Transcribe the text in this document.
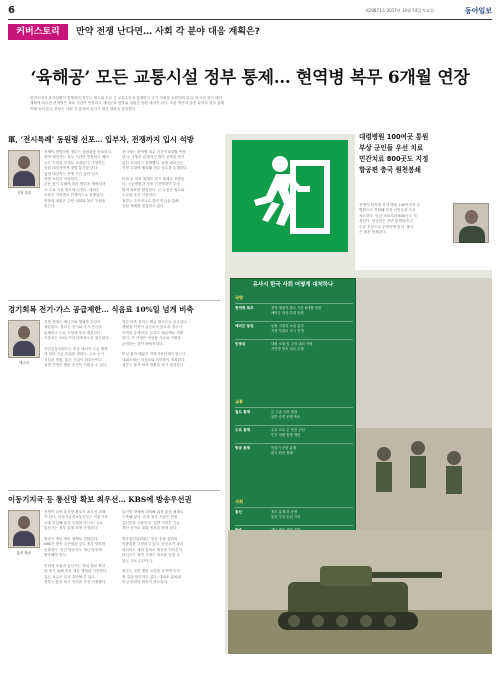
6	제29871호 2017년 10월 14일 토요일	동아일보
커버스토리	만약 전쟁 난다면… 사회 각 분야 대응 계획은?
‘육해공’ 모든 교통시설 정부 통제… 현역병 복무 6개월 연장
한반도에서 유사상황이 발생하면 정부는 철도와 도로 등 교통수단을 통제하고 국가 자원을 동원하게 된다. 당국의 전시 대비
계획에 따르면 현역병은 복무 기간이 연장되고 예비군과 민방위 대원은 동원 대상이 된다. 또한 방송과 통신 분야도 정부 통제
아래 들어간다. 본보는 사회 각 분야의 유사시 대응 계획을 점검했다.
대령병원 100여곳 통원
부상 군인들 우선 치료
민간치료 800곳도 지정
항공편 충국 원천봉쇄
전쟁이 터지면 국가 병원 100여곳이 군
병원으로 전환돼 부상 군인들을 우선
치료한다. 민간 의료기관 800곳도 지
정된다. 항공편은 전면 통제되며 군
수송 우선으로 운항하게 된다. 출국
은 원천 봉쇄된다.
유사시 한국 사회 어떻게 대처하나
국방
현역병 복무	전역 예정자 복무 기간 6개월 연장
예비군 대상 부대 동원
예비군 동원	동원 지정자 소집 통지
지정 부대로 즉시 전개
민방위	대원 소집 및 주민 대피 지원
지역별 방호 임무 수행
교통
철도 통제	군 수송 우선 편성
일반 승객 운행 축소
도로 통제	주요 도로 군 작전 우선
민간 차량 통행 제한
항공 통제	민항기 운항 통제
출국 원천 봉쇄
사회
통신	정부 통제 하 운영
통신 우선 순위 지정
軍, ‘전시특례’ 동원령 선포… 입부자, 전쟁까지 입시 석방
지창 중위
전쟁이 발발하면 정부는 동원령을 선포한다.
전역 예정자는 복무 기간이 연장되고 예비
군은 지정된 부대로 소집된다. 국방부는
동원 대상자에게 개별 통지를 한다.
입영 대상자는 전쟁 기간 동안 입시
석방 조치가 적용된다.
군은 전시 특례에 따라 병력을 재배치하
고 주요 시설 방호에 나선다. 예비군
동원은 지역별로 단계적으로 진행된다.
민방위 대원은 주민 대피와 복구 지원을
맡는다.
전시에는 현역병 복무 기간이 6개월 연장
된다. 국방부 관계자는 병력 공백을 막기
위한 조치라고 설명했다. 동원 예비군은
지정 부대에 배치돼 전투 임무를 수행한다.
또한 군 의료 체계도 전시 체제로 전환된
다. 국군병원과 지정 민간병원이 부상
병력 치료를 담당한다. 군 수송은 철도와
도로를 우선 사용한다.
정부는 주기적으로 을지 연습을 통해
동원 체계를 점검하고 있다.
경기회복 전기·가스 공급제한… 식음료 10%일 넘게 비축
에너지
전쟁 중에는 에너지와 생필품 공급이
제한된다. 정부는 전기와 가스 공급을
통제하고 주요 시설에 우선 배분한다.
식음료는 10일 이상 비축하도록 권고된다.
산업통상자원부는 비상 에너지 수급 계획
에 따라 공급 순위를 정한다. 주요 군사
시설과 병원, 통신 시설이 최우선이다.
일반 가정은 제한 송전이 이뤄질 수 있다.
정부 비축 물자는 배급 방식으로 공급된다.
생필품 가격이 급등하지 않도록 정부가
가격을 통제한다. 유류도 배급제로 전환
된다. 각 가정은 비상용 식수와 식량을
준비하는 것이 바람직하다.
비상 물자 배분은 지방자치단체가 맡는다.
대피소에는 식음료와 의약품이 비치된다.
정부는 물자 비축 현황을 정기 점검한다.
이동기지국 등 통신망 확보 최우선… KBS에 방송우선권
통신 방송
전쟁이 나면 통신망 확보가 최우선 과제
가 된다. 과학기술정보통신부는 이동기지
국을 투입해 통신 두절을 막는다. 주요
통신사는 정부 통제 하에 운영된다.
방송은 재난 방송 체제로 전환된다.
KBS가 방송 우선권을 갖고 정부 발표를
송출한다. 민간 방송사도 재난 방송에
협조해야 한다.
인터넷 포털과 통신사는 허위 정보 확산
을 막기 위해 비상 대응 체계를 가동한다.
통신 요금은 일시 감면될 수 있다.
정부는 통신 복구 인력을 사전 지정했다.
통신망 장애에 대비해 위성 통신 체계도
구축돼 있다. 군과 정부 기관은 전용
통신망을 사용한다. 일반 시민은 긴급
재난 문자로 대피 정보를 받게 된다.
방송통신위원회는 방송 송출 설비의
이중화를 추진하고 있다. 송신소가 파괴
되더라도 예비 설비로 방송을 이어간다.
라디오는 정전 시에도 정보를 얻을 수
있는 주요 수단이다.
정부는 국민 행동 요령을 사전에 숙지
할 것을 당부하고 있다. 대피소 위치와
비상 연락망 확인이 중요하다.
